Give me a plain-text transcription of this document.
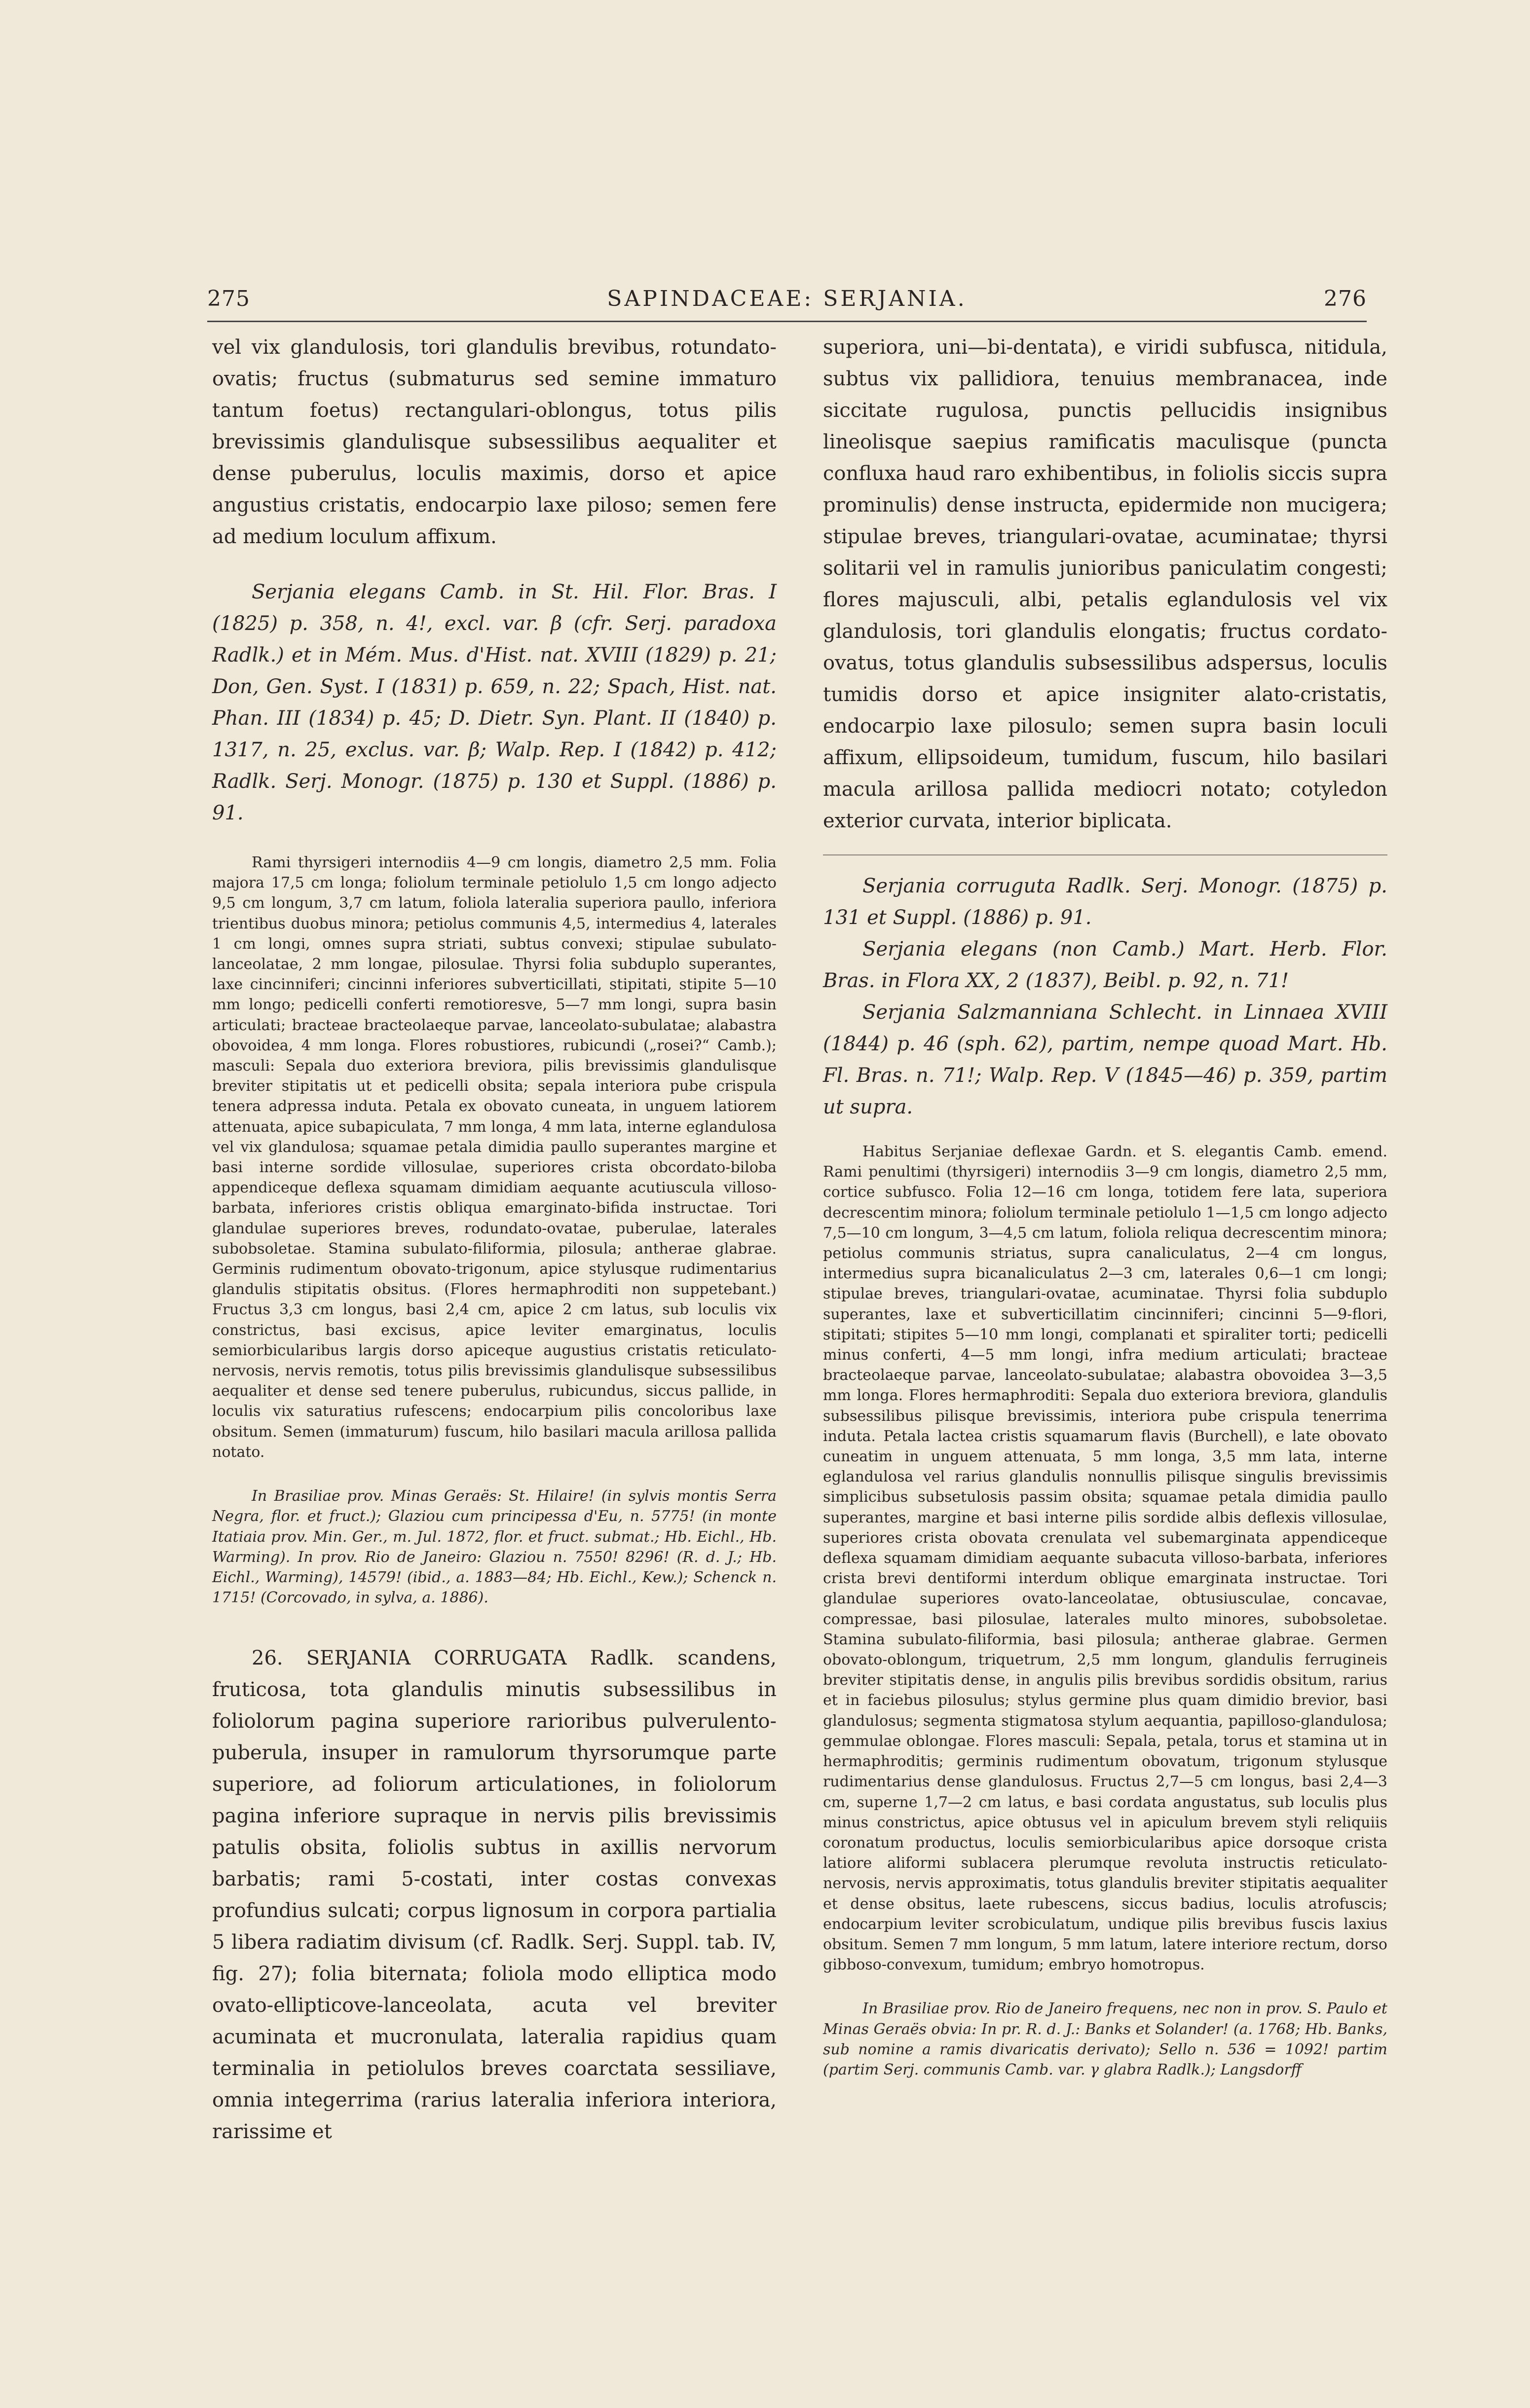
275	SAPINDACEAE: SERJANIA.	276

vel vix glandulosis, tori glandulis brevibus, rotundato-ovatis; fructus (submaturus sed semine immaturo tantum foetus) rectangulari-oblongus, totus pilis brevissimis glandulisque subsessilibus aequaliter et dense puberulus, loculis maximis, dorso et apice angustius cristatis, endocarpio laxe piloso; semen fere ad medium loculum affixum.

Serjania elegans Camb. in St. Hil. Flor. Bras. I (1825) p. 358, n. 4!, excl. var. β (cfr. Serj. paradoxa Radlk.) et in Mém. Mus. d'Hist. nat. XVIII (1829) p. 21; Don, Gen. Syst. I (1831) p. 659, n. 22; Spach, Hist. nat. Phan. III (1834) p. 45; D. Dietr. Syn. Plant. II (1840) p. 1317, n. 25, exclus. var. β; Walp. Rep. I (1842) p. 412; Radlk. Serj. Monogr. (1875) p. 130 et Suppl. (1886) p. 91.

Rami thyrsigeri internodiis 4—9 cm longis, diametro 2,5 mm. Folia majora 17,5 cm longa; foliolum terminale petiolulo 1,5 cm longo adjecto 9,5 cm longum, 3,7 cm latum, foliola lateralia superiora paullo, inferiora trientibus duobus minora; petiolus communis 4,5, intermedius 4, laterales 1 cm longi, omnes supra striati, subtus convexi; stipulae subulato-lanceolatae, 2 mm longae, pilosulae. Thyrsi folia subduplo superantes, laxe cincinniferi; cincinni inferiores subverticillati, stipitati, stipite 5—10 mm longo; pedicelli conferti remotioresve, 5—7 mm longi, supra basin articulati; bracteae bracteolaeque parvae, lanceolato-subulatae; alabastra obovoidea, 4 mm longa. Flores robustiores, rubicundi („rosei?“ Camb.); masculi: Sepala duo exteriora breviora, pilis brevissimis glandulisque breviter stipitatis ut et pedicelli obsita; sepala interiora pube crispula tenera adpressa induta. Petala ex obovato cuneata, in unguem latiorem attenuata, apice subapiculata, 7 mm longa, 4 mm lata, interne eglandulosa vel vix glandulosa; squamae petala dimidia paullo superantes margine et basi interne sordide villosulae, superiores crista obcordato-biloba appendiceque deflexa squamam dimidiam aequante acutiuscula villoso-barbata, inferiores cristis obliqua emarginato-bifida instructae. Tori glandulae superiores breves, rodundato-ovatae, puberulae, laterales subobsoletae. Stamina subulato-filiformia, pilosula; antherae glabrae. Germinis rudimentum obovato-trigonum, apice stylusque rudimentarius glandulis stipitatis obsitus. (Flores hermaphroditi non suppetebant.) Fructus 3,3 cm longus, basi 2,4 cm, apice 2 cm latus, sub loculis vix constrictus, basi excisus, apice leviter emarginatus, loculis semiorbicularibus largis dorso apiceque augustius cristatis reticulato-nervosis, nervis remotis, totus pilis brevissimis glandulisque subsessilibus aequaliter et dense sed tenere puberulus, rubicundus, siccus pallide, in loculis vix saturatius rufescens; endocarpium pilis concoloribus laxe obsitum. Semen (immaturum) fuscum, hilo basilari macula arillosa pallida notato.

In Brasiliae prov. Minas Geraës: St. Hilaire! (in sylvis montis Serra Negra, flor. et fruct.); Glaziou cum principessa d'Eu, n. 5775! (in monte Itatiaia prov. Min. Ger., m. Jul. 1872, flor. et fruct. submat.; Hb. Eichl., Hb. Warming). In prov. Rio de Janeiro: Glaziou n. 7550! 8296! (R. d. J.; Hb. Eichl., Warming), 14579! (ibid., a. 1883—84; Hb. Eichl., Kew.); Schenck n. 1715! (Corcovado, in sylva, a. 1886).

26. SERJANIA CORRUGATA Radlk. scandens, fruticosa, tota glandulis minutis subsessilibus in foliolorum pagina superiore rarioribus pulverulento-puberula, insuper in ramulorum thyrsorumque parte superiore, ad foliorum articulationes, in foliolorum pagina inferiore supraque in nervis pilis brevissimis patulis obsita, foliolis subtus in axillis nervorum barbatis; rami 5-costati, inter costas convexas profundius sulcati; corpus lignosum in corpora partialia 5 libera radiatim divisum (cf. Radlk. Serj. Suppl. tab. IV, fig. 27); folia biternata; foliola modo elliptica modo ovato-ellipticove-lanceolata, acuta vel breviter acuminata et mucronulata, lateralia rapidius quam terminalia in petiolulos breves coarctata sessiliave, omnia integerrima (rarius lateralia inferiora interiora, rarissime et

superiora, uni—bi-dentata), e viridi subfusca, nitidula, subtus vix pallidiora, tenuius membranacea, inde siccitate rugulosa, punctis pellucidis insignibus lineolisque saepius ramificatis maculisque (puncta confluxa haud raro exhibentibus, in foliolis siccis supra prominulis) dense instructa, epidermide non mucigera; stipulae breves, triangulari-ovatae, acuminatae; thyrsi solitarii vel in ramulis junioribus paniculatim congesti; flores majusculi, albi, petalis eglandulosis vel vix glandulosis, tori glandulis elongatis; fructus cordato-ovatus, totus glandulis subsessilibus adspersus, loculis tumidis dorso et apice insigniter alato-cristatis, endocarpio laxe pilosulo; semen supra basin loculi affixum, ellipsoideum, tumidum, fuscum, hilo basilari macula arillosa pallida mediocri notato; cotyledon exterior curvata, interior biplicata.

Serjania corruguta Radlk. Serj. Monogr. (1875) p. 131 et Suppl. (1886) p. 91.

Serjania elegans (non Camb.) Mart. Herb. Flor. Bras. in Flora XX, 2 (1837), Beibl. p. 92, n. 71!

Serjania Salzmanniana Schlecht. in Linnaea XVIII (1844) p. 46 (sph. 62), partim, nempe quoad Mart. Hb. Fl. Bras. n. 71!; Walp. Rep. V (1845—46) p. 359, partim ut supra.

Habitus Serjaniae deflexae Gardn. et S. elegantis Camb. emend. Rami penultimi (thyrsigeri) internodiis 3—9 cm longis, diametro 2,5 mm, cortice subfusco. Folia 12—16 cm longa, totidem fere lata, superiora decrescentim minora; foliolum terminale petiolulo 1—1,5 cm longo adjecto 7,5—10 cm longum, 3—4,5 cm latum, foliola reliqua decrescentim minora; petiolus communis striatus, supra canaliculatus, 2—4 cm longus, intermedius supra bicanaliculatus 2—3 cm, laterales 0,6—1 cm longi; stipulae breves, triangulari-ovatae, acuminatae. Thyrsi folia subduplo superantes, laxe et subverticillatim cincinniferi; cincinni 5—9-flori, stipitati; stipites 5—10 mm longi, complanati et spiraliter torti; pedicelli minus conferti, 4—5 mm longi, infra medium articulati; bracteae bracteolaeque parvae, lanceolato-subulatae; alabastra obovoidea 3—3,5 mm longa. Flores hermaphroditi: Sepala duo exteriora breviora, glandulis subsessilibus pilisque brevissimis, interiora pube crispula tenerrima induta. Petala lactea cristis squamarum flavis (Burchell), e late obovato cuneatim in unguem attenuata, 5 mm longa, 3,5 mm lata, interne eglandulosa vel rarius glandulis nonnullis pilisque singulis brevissimis simplicibus subsetulosis passim obsita; squamae petala dimidia paullo superantes, margine et basi interne pilis sordide albis deflexis villosulae, superiores crista obovata crenulata vel subemarginata appendiceque deflexa squamam dimidiam aequante subacuta villoso-barbata, inferiores crista brevi dentiformi interdum oblique emarginata instructae. Tori glandulae superiores ovato-lanceolatae, obtusiusculae, concavae, compressae, basi pilosulae, laterales multo minores, subobsoletae. Stamina subulato-filiformia, basi pilosula; antherae glabrae. Germen obovato-oblongum, triquetrum, 2,5 mm longum, glandulis ferrugineis breviter stipitatis dense, in angulis pilis brevibus sordidis obsitum, rarius et in faciebus pilosulus; stylus germine plus quam dimidio brevior, basi glandulosus; segmenta stigmatosa stylum aequantia, papilloso-glandulosa; gemmulae oblongae. Flores masculi: Sepala, petala, torus et stamina ut in hermaphroditis; germinis rudimentum obovatum, trigonum stylusque rudimentarius dense glandulosus. Fructus 2,7—5 cm longus, basi 2,4—3 cm, superne 1,7—2 cm latus, e basi cordata angustatus, sub loculis plus minus constrictus, apice obtusus vel in apiculum brevem styli reliquiis coronatum productus, loculis semiorbicularibus apice dorsoque crista latiore aliformi sublacera plerumque revoluta instructis reticulato-nervosis, nervis approximatis, totus glandulis breviter stipitatis aequaliter et dense obsitus, laete rubescens, siccus badius, loculis atrofuscis; endocarpium leviter scrobiculatum, undique pilis brevibus fuscis laxius obsitum. Semen 7 mm longum, 5 mm latum, latere interiore rectum, dorso gibboso-convexum, tumidum; embryo homotropus.

In Brasiliae prov. Rio de Janeiro frequens, nec non in prov. S. Paulo et Minas Geraës obvia: In pr. R. d. J.: Banks et Solander! (a. 1768; Hb. Banks, sub nomine a ramis divaricatis derivato); Sello n. 536 = 1092! partim (partim Serj. communis Camb. var. γ glabra Radlk.); Langsdorff
